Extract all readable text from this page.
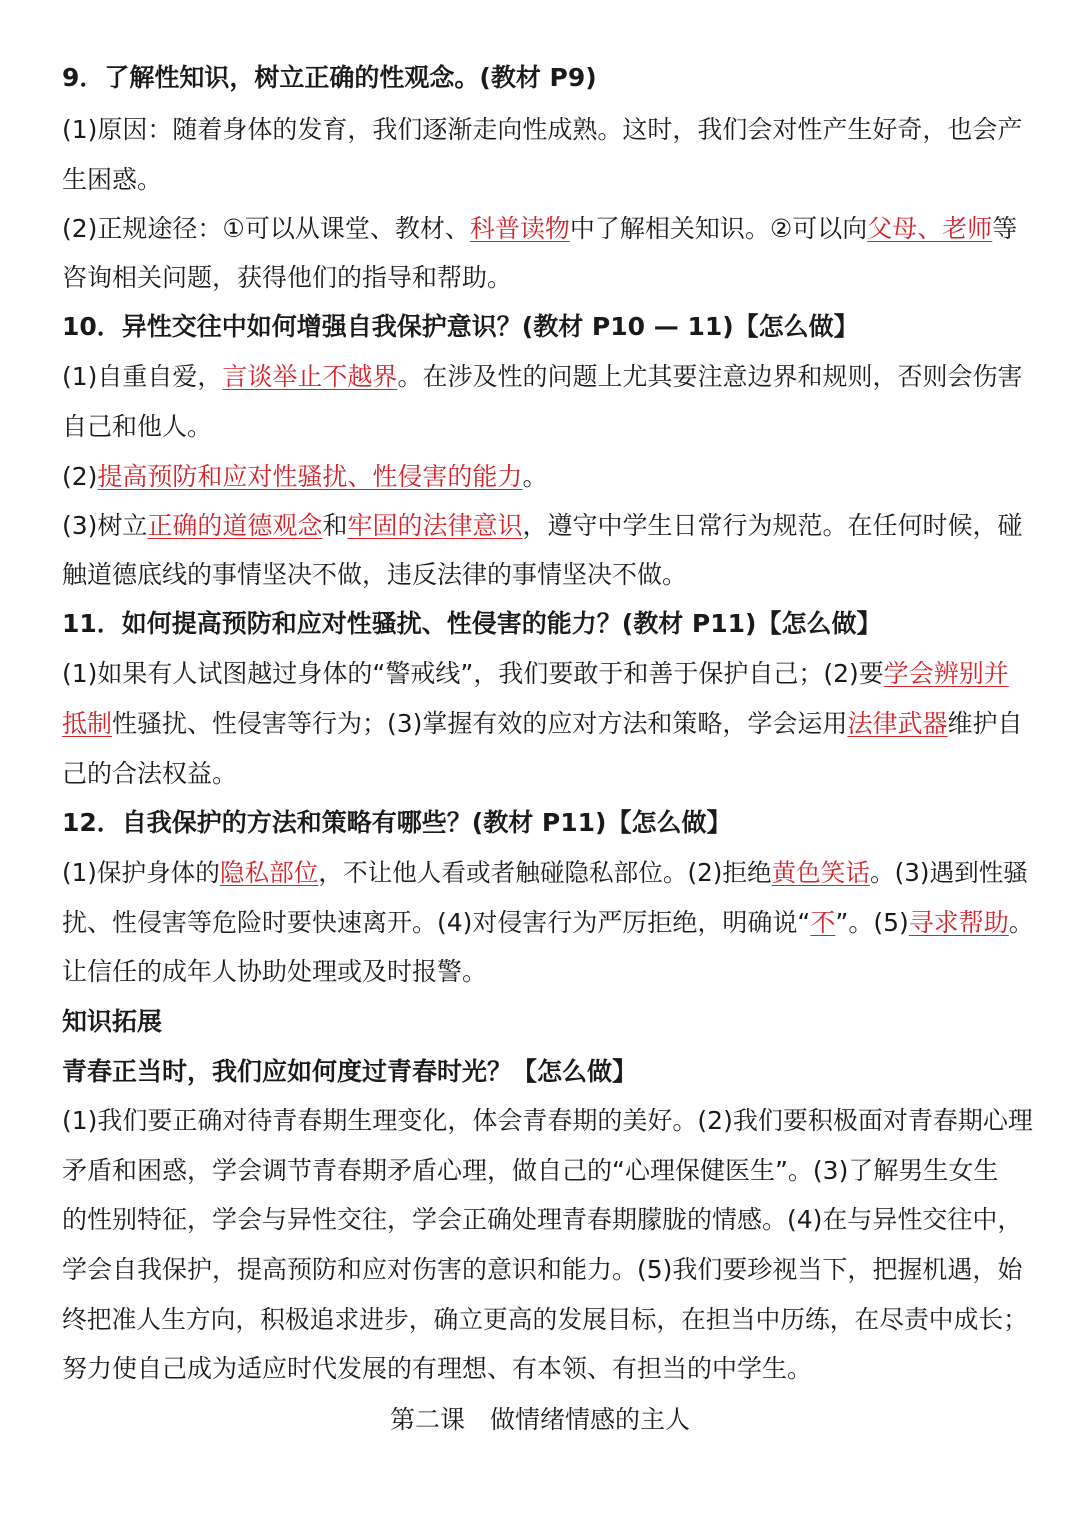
9．了解性知识，树立正确的性观念。(教材 P9)
(1)原因：随着身体的发育，我们逐渐走向性成熟。这时，我们会对性产生好奇，也会产
生困惑。
(2)正规途径：①可以从课堂、教材、科普读物中了解相关知识。②可以向父母、老师等
咨询相关问题，获得他们的指导和帮助。
10．异性交往中如何增强自我保护意识？(教材 P10 — 11)【怎么做】
(1)自重自爱，言谈举止不越界。在涉及性的问题上尤其要注意边界和规则，否则会伤害
自己和他人。
(2)提高预防和应对性骚扰、性侵害的能力。
(3)树立正确的道德观念和牢固的法律意识，遵守中学生日常行为规范。在任何时候，碰
触道德底线的事情坚决不做，违反法律的事情坚决不做。
11．如何提高预防和应对性骚扰、性侵害的能力？(教材 P11)【怎么做】
(1)如果有人试图越过身体的“警戒线”，我们要敢于和善于保护自己；(2)要学会辨别并
抵制性骚扰、性侵害等行为；(3)掌握有效的应对方法和策略，学会运用法律武器维护自
己的合法权益。
12．自我保护的方法和策略有哪些？(教材 P11)【怎么做】
(1)保护身体的隐私部位，不让他人看或者触碰隐私部位。(2)拒绝黄色笑话。(3)遇到性骚
扰、性侵害等危险时要快速离开。(4)对侵害行为严厉拒绝，明确说“不”。(5)寻求帮助。
让信任的成年人协助处理或及时报警。
知识拓展
青春正当时，我们应如何度过青春时光？【怎么做】
(1)我们要正确对待青春期生理变化，体会青春期的美好。(2)我们要积极面对青春期心理
矛盾和困惑，学会调节青春期矛盾心理，做自己的“心理保健医生”。(3)了解男生女生
的性别特征，学会与异性交往，学会正确处理青春期朦胧的情感。(4)在与异性交往中，
学会自我保护，提高预防和应对伤害的意识和能力。(5)我们要珍视当下，把握机遇，始
终把准人生方向，积极追求进步，确立更高的发展目标，在担当中历练，在尽责中成长；
努力使自己成为适应时代发展的有理想、有本领、有担当的中学生。
第二课　做情绪情感的主人
